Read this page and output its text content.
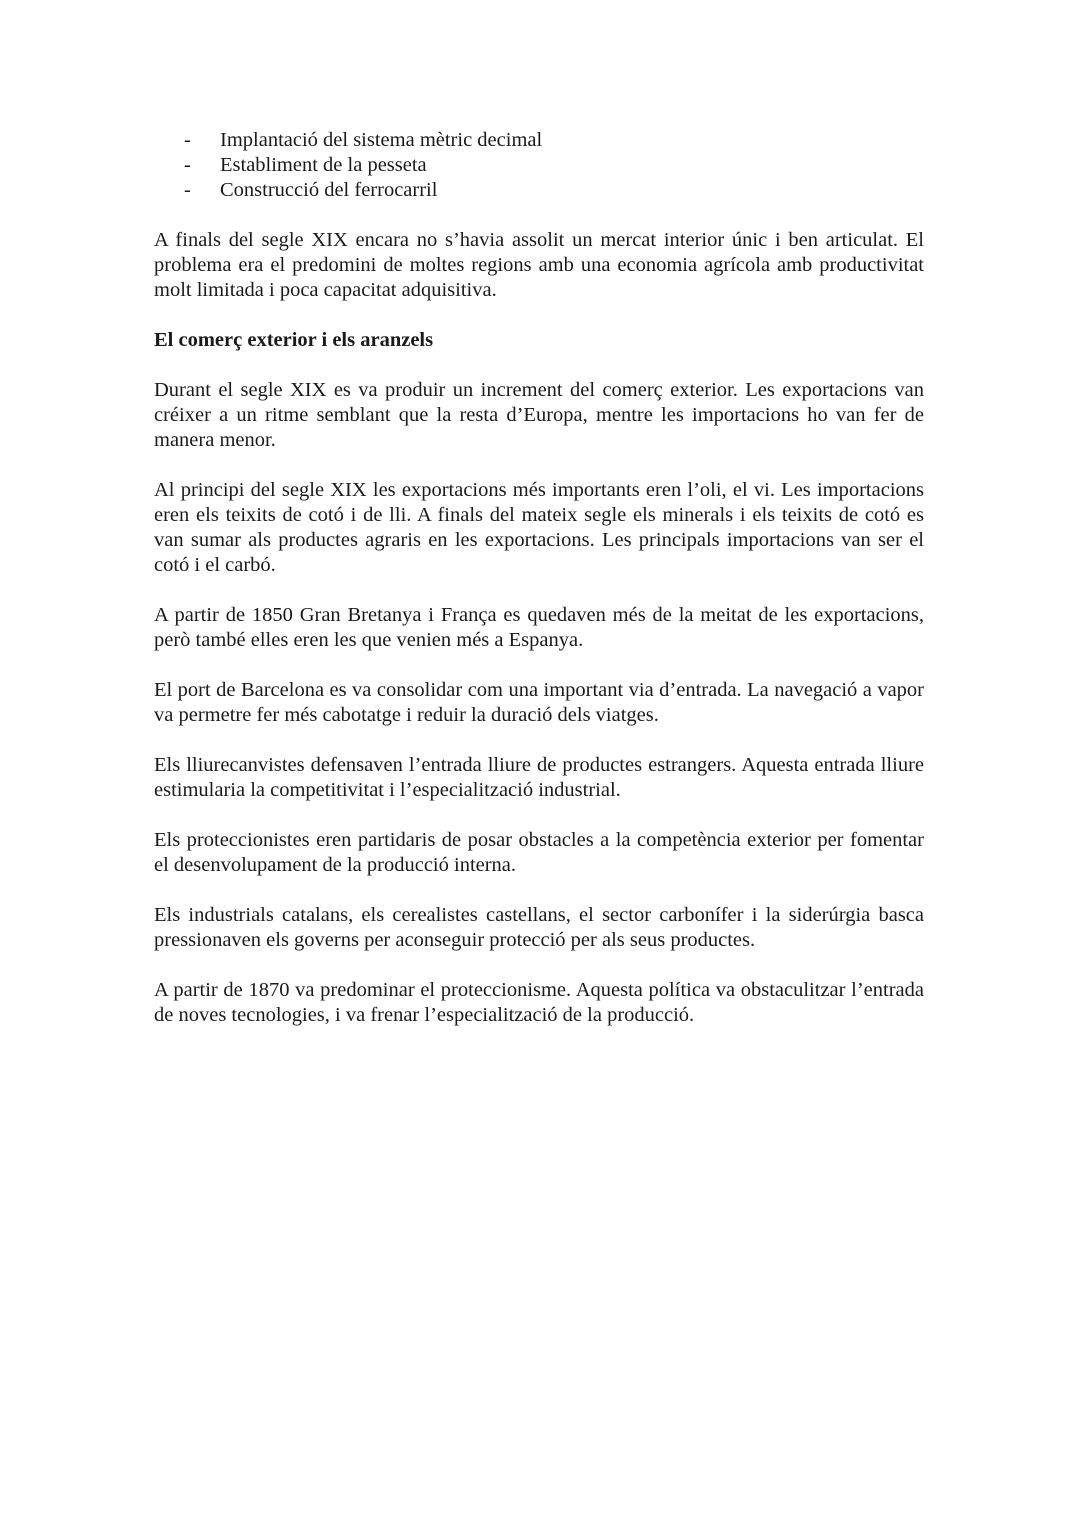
- Implantació del sistema mètric decimal
- Establiment de la pesseta
- Construcció del ferrocarril

A finals del segle XIX encara no s’havia assolit un mercat interior únic i ben articulat. El problema era el predomini de moltes regions amb una economia agrícola amb productivitat molt limitada i poca capacitat adquisitiva.

El comerç exterior i els aranzels

Durant el segle XIX es va produir un increment del comerç exterior. Les exportacions van créixer a un ritme semblant que la resta d’Europa, mentre les importacions ho van fer de manera menor.

Al principi del segle XIX les exportacions més importants eren l’oli, el vi. Les importacions eren els teixits de cotó i de lli. A finals del mateix segle els minerals i els teixits de cotó es van sumar als productes agraris en les exportacions. Les principals importacions van ser el cotó i el carbó.

A partir de 1850 Gran Bretanya i França es quedaven més de la meitat de les exportacions, però també elles eren les que venien més a Espanya.

El port de Barcelona es va consolidar com una important via d’entrada. La navegació a vapor va permetre fer més cabotatge i reduir la duració dels viatges.

Els lliurecanvistes defensaven l’entrada lliure de productes estrangers. Aquesta entrada lliure estimularia la competitivitat i l’especialització industrial.

Els proteccionistes eren partidaris de posar obstacles a la competència exterior per fomentar el desenvolupament de la producció interna.

Els industrials catalans, els cerealistes castellans, el sector carbonífer i la siderúrgia basca pressionaven els governs per aconseguir protecció per als seus productes.

A partir de 1870 va predominar el proteccionisme. Aquesta política va obstaculitzar l’entrada de noves tecnologies, i va frenar l’especialització de la producció.
